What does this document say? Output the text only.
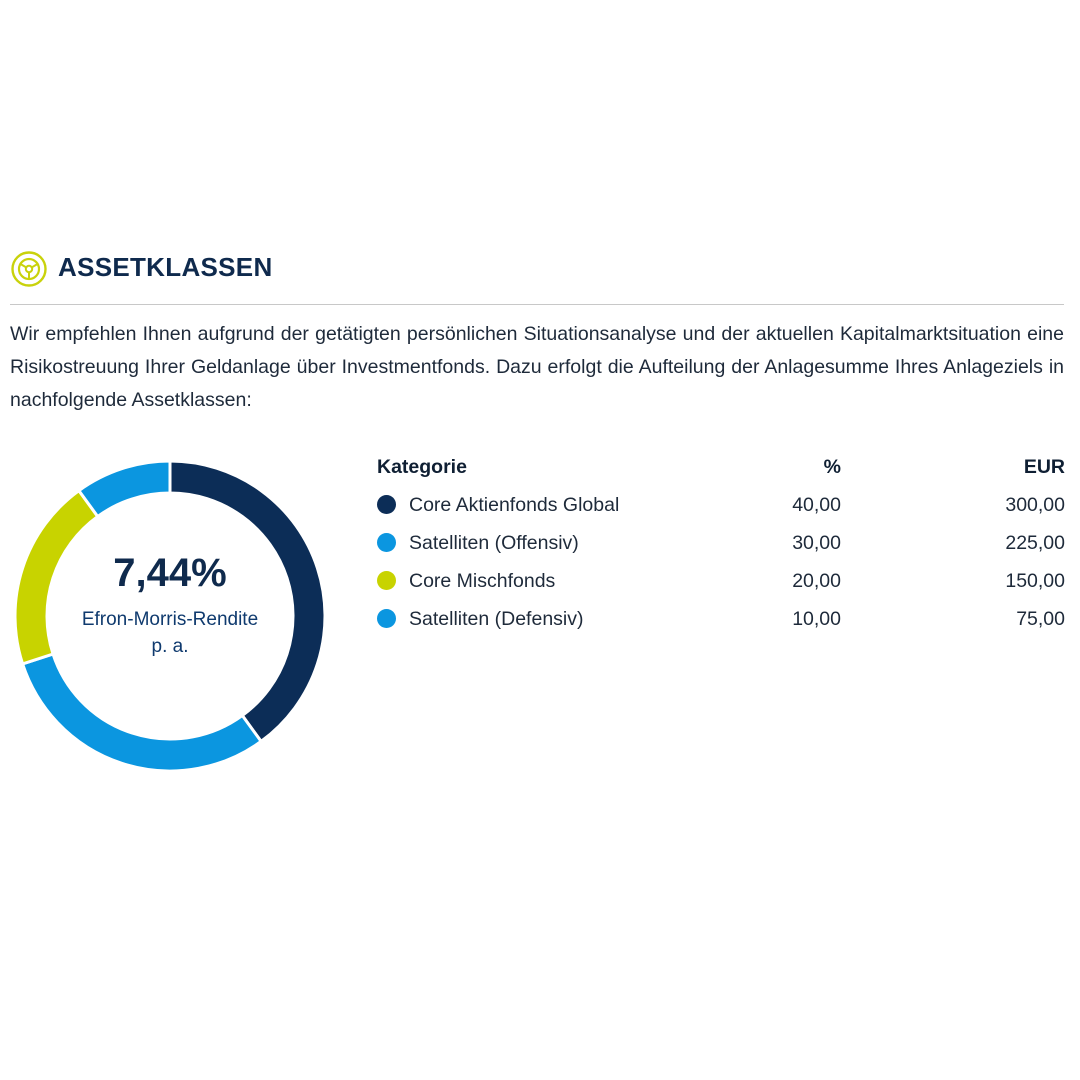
ASSETKLASSEN
Wir empfehlen Ihnen aufgrund der getätigten persönlichen Situationsanalyse und der aktuellen Kapitalmarktsituation eine Risikostreuung Ihrer Geldanlage über Investmentfonds. Dazu erfolgt die Aufteilung der Anlagesumme Ihres Anlageziels in nachfolgende Assetklassen:
7,44%
Efron-Morris-Rendite
p. a.
Kategorie	%	EUR
Core Aktienfonds Global	40,00	300,00
Satelliten (Offensiv)	30,00	225,00
Core Mischfonds	20,00	150,00
Satelliten (Defensiv)	10,00	75,00
